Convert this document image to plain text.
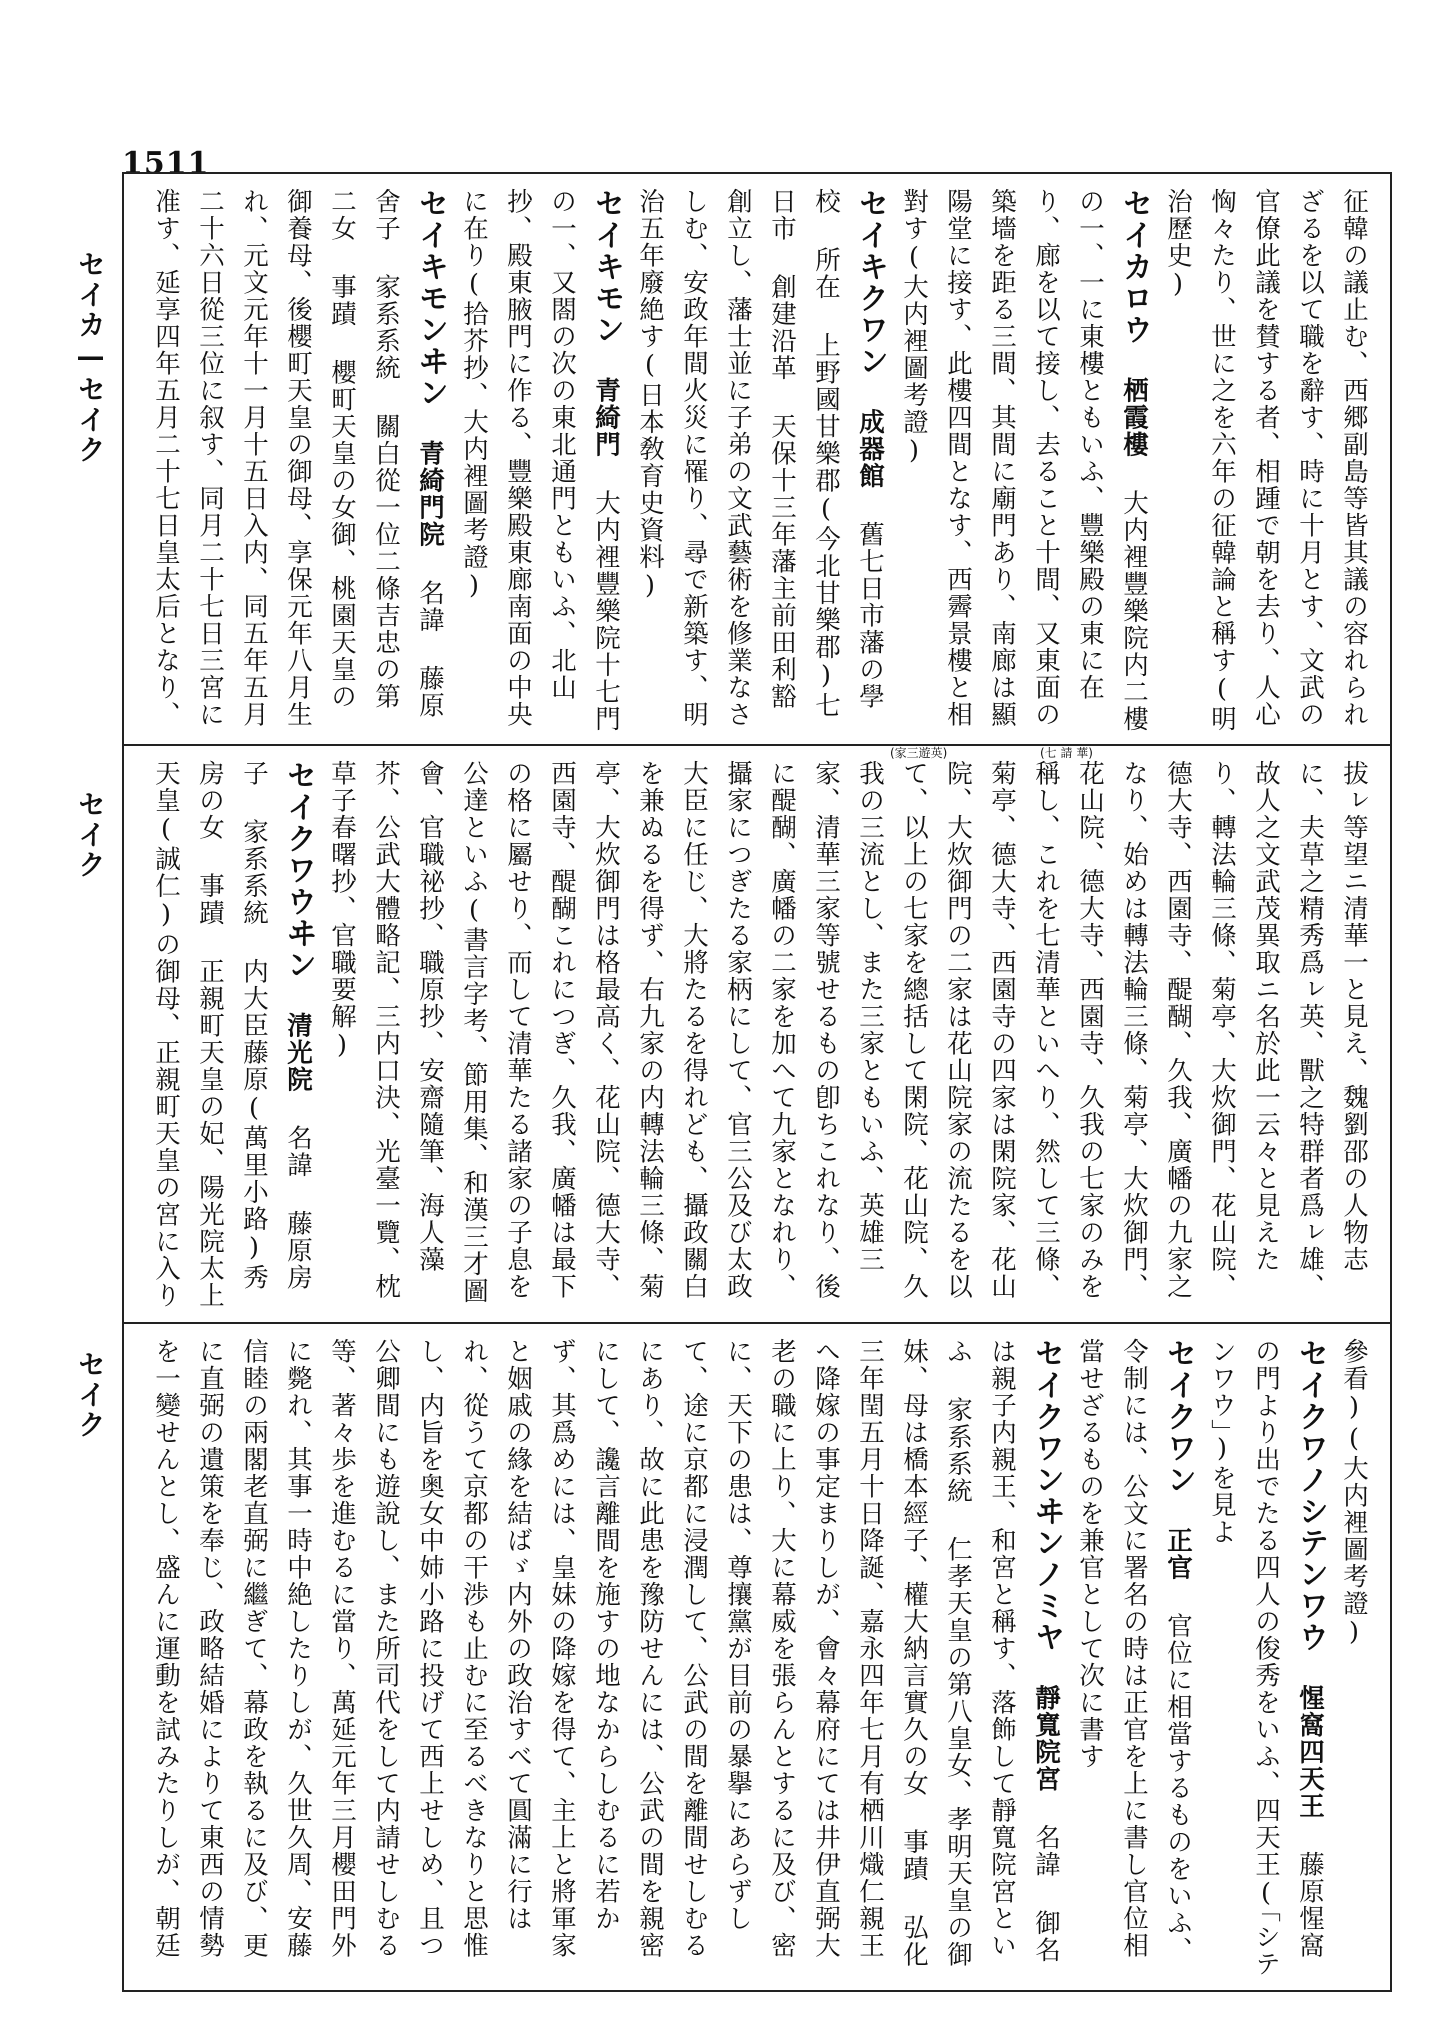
1511
セイカ—セイク
セイク
セイク

征韓の議止む、西郷副島等皆其議の容れられざるを以て職を辭す、時に十月とす、文武の官僚此議を賛する者、相踵で朝を去り、人心恟々たり、世に之を六年の征韓論と稱す(明治歷史)

セイカロウ 栖霞樓 大内裡豐樂院内二樓の一、一に東樓ともいふ、豐樂殿の東に在り、廊を以て接し、去ること十間、又東面の築墻を距る三間、其間に廟門あり、南廊は顯陽堂に接す、此樓四間となす、西霽景樓と相對す(大内裡圖考證)

セイキクワン 成器館 舊七日市藩の學校 所在 上野國甘樂郡(今北甘樂郡)七日市 創建沿革 天保十三年藩主前田利豁創立し、藩士並に子弟の文武藝術を修業なさしむ、安政年間火災に罹り、尋で新築す、明治五年廢絶す(日本敎育史資料)

セイキモン 青綺門 大内裡豐樂院十七門の一、又閤の次の東北通門ともいふ、北山抄、殿東腋門に作る、豐樂殿東廊南面の中央に在り(拾芥抄、大内裡圖考證)

セイキモンヰン 青綺門院 名諱 藤原舍子 家系系統 關白從一位二條吉忠の第二女 事蹟 櫻町天皇の女御、桃園天皇の御養母、後櫻町天皇の御母、享保元年八月生れ、元文元年十一月十五日入内、同五年五月二十六日從三位に叙す、同月二十七日三宮に准す、延享四年五月二十七日皇太后となり、

拔ㇾ等望ニ清華一と見え、魏劉邵の人物志に、夫草之精秀爲ㇾ英、獸之特群者爲ㇾ雄、故人之文武茂異取ニ名於此一云々と見えたり、轉法輪三條、菊亭、大炊御門、花山院、德大寺、西園寺、醍醐、久我、廣幡の九家之なり、始めは轉法輪三條、菊亭、大炊御門、花山院、德大寺、西園寺、久我の七家のみを稱し、これを七清華といへり、然して三條、菊亭、德大寺、西園寺の四家は閑院家、花山院、大炊御門の二家は花山院家の流たるを以て、以上の七家を總括して閑院、花山院、久我の三流とし、また三家ともいふ、英雄三家、清華三家等號せるもの卽ちこれなり、後に醍醐、廣幡の二家を加へて九家となれり、攝家につぎたる家柄にして、官三公及び太政大臣に任じ、大將たるを得れども、攝政關白を兼ぬるを得ず、右九家の内轉法輪三條、菊亭、大炊御門は格最高く、花山院、德大寺、西園寺、醍醐これにつぎ、久我、廣幡は最下の格に屬せり、而して清華たる諸家の子息を公達といふ(書言字考、節用集、和漢三才圖會、官職祕抄、職原抄、安齋隨筆、海人藻芥、公武大體略記、三内口決、光臺一覽、枕草子春曙抄、官職要解)

セイクワウヰン 清光院 名諱 藤原房子 家系系統 内大臣藤原(萬里小路)秀房の女 事蹟 正親町天皇の妃、陽光院太上天皇(誠仁)の御母、正親町天皇の宮に入り

參看)(大内裡圖考證)

セイクワノシテンワウ 惺窩四天王 藤原惺窩の門より出でたる四人の俊秀をいふ、四天王(「シテンワウ」)を見よ

セイクワン 正官 官位に相當するものをいふ、令制には、公文に署名の時は正官を上に書し官位相當せざるものを兼官として次に書す

セイクワンヰンノミヤ 靜寬院宮 名諱 御名は親子内親王、和宮と稱す、落飾して靜寬院宮といふ 家系系統 仁孝天皇の第八皇女、孝明天皇の御妹、母は橋本經子、權大納言實久の女 事蹟 弘化三年閏五月十日降誕、嘉永四年七月有栖川熾仁親王へ降嫁の事定まりしが、會々幕府にては井伊直弼大老の職に上り、大に幕威を張らんとするに及び、密に、天下の患は、尊攘黨が目前の暴擧にあらずして、途に京都に浸潤して、公武の間を離間せしむるにあり、故に此患を豫防せんには、公武の間を親密にして、讒言離間を施すの地なからしむるに若かず、其爲めには、皇妹の降嫁を得て、主上と將軍家と姻戚の緣を結ばゞ内外の政治すべて圓滿に行はれ、從うて京都の干渉も止むに至るべきなりと思惟し、内旨を奥女中姉小路に投げて西上せしめ、且つ公卿間にも遊說し、また所司代をして内請せしむる等、著々歩を進むるに當り、萬延元年三月櫻田門外に斃れ、其事一時中絶したりしが、久世久周、安藤信睦の兩閣老直弼に繼ぎて、幕政を執るに及び、更に直弼の遺策を奉じ、政略結婚によりて東西の情勢を一變せんとし、盛んに運動を試みたりしが、朝廷

(家三遊英)	(七 請 華)
